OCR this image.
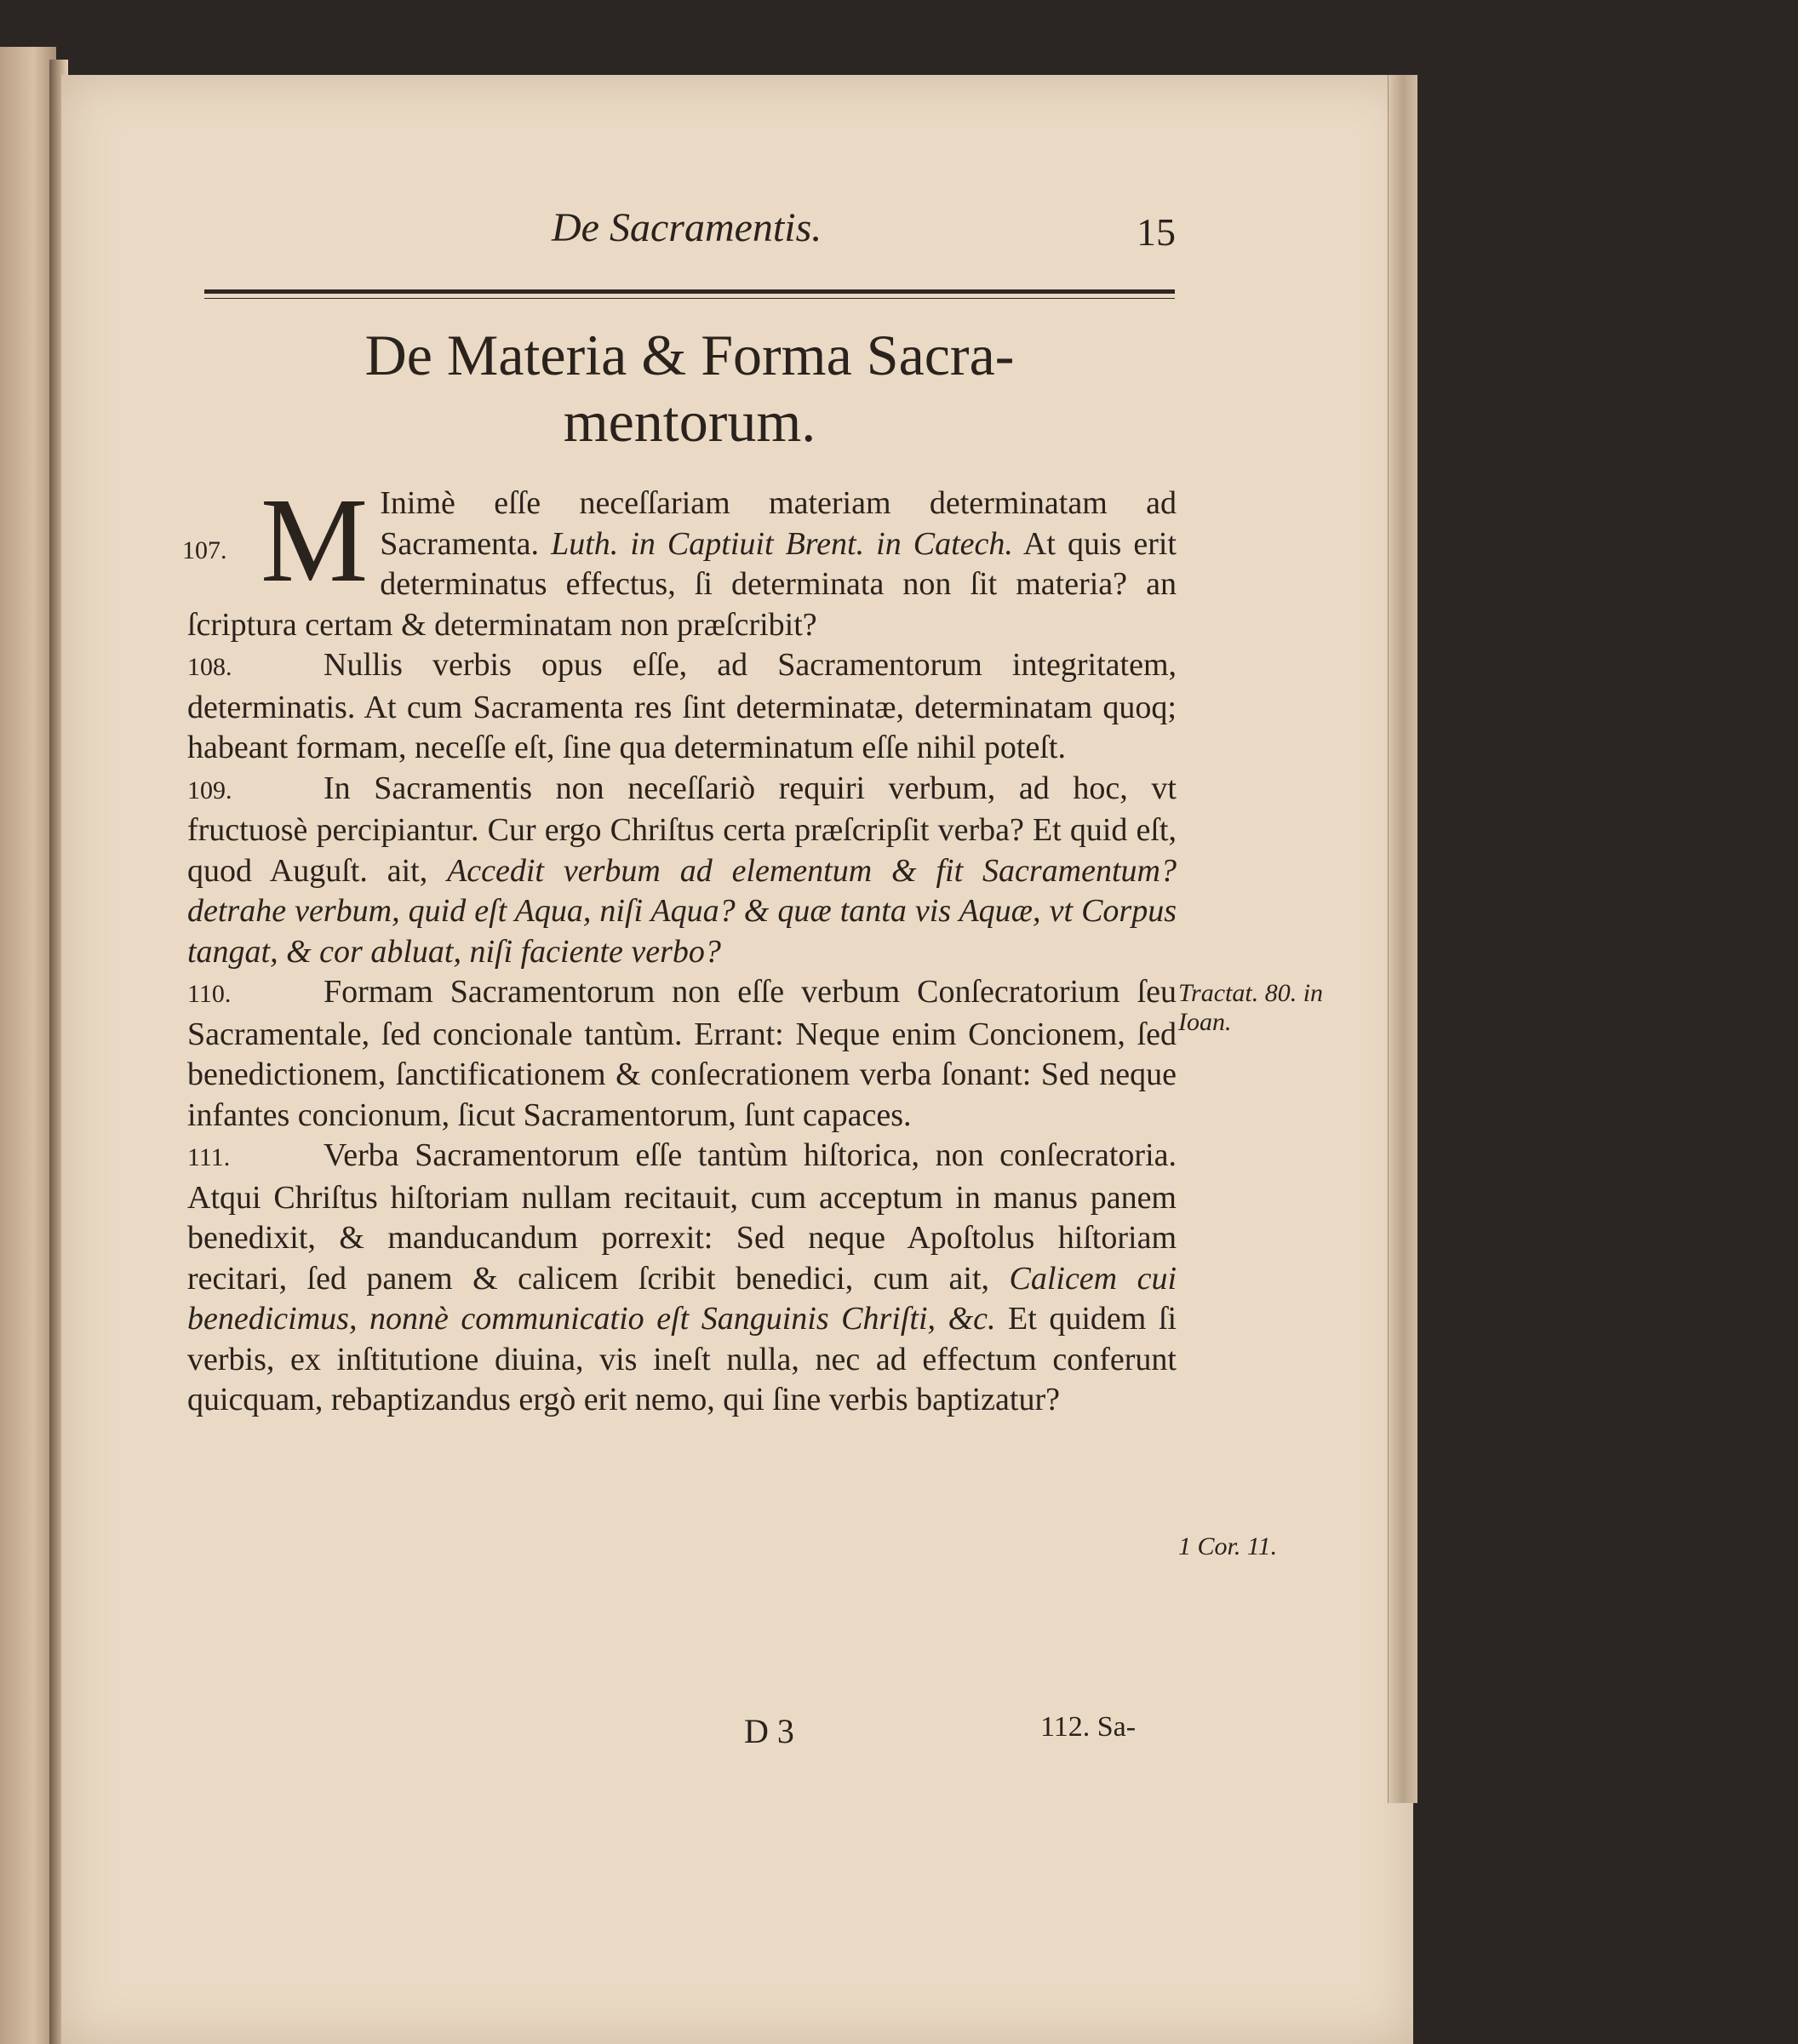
De Sacramentis.	15
De Materia & Forma Sacra-
mentorum.

107. M Inimè eſſe neceſſariam materiam determinatam ad Sacramenta. Luth. in Captiuit Brent. in Catech. At quis erit determinatus effectus, ſi determinata non ſit materia? an ſcriptura certam & determinatam non præſcribit?

108.	Nullis verbis opus eſſe, ad Sacramentorum integritatem, determinatis. At cum Sacramenta res ſint determinatæ, determinatam quoq; habeant formam, neceſſe eſt, ſine qua determinatum eſſe nihil poteſt.

109.	In Sacramentis non neceſſariò requiri verbum, ad hoc, vt fructuosè percipiantur. Cur ergo Chriſtus certa præſcripſit verba? Et quid eſt, quod Auguſt. ait, Accedit verbum ad elementum & fit Sacramentum? detrahe verbum, quid eſt Aqua, niſi Aqua? & quæ tanta vis Aquæ, vt Corpus tangat, & cor abluat, niſi faciente verbo?

110.	Formam Sacramentorum non eſſe verbum Conſecratorium ſeu Sacramentale, ſed concionale tantùm. Errant: Neque enim Concionem, ſed benedictionem, ſanctificationem & conſecrationem verba ſonant: Sed neque infantes concionum, ſicut Sacramentorum, ſunt capaces.

111.	Verba Sacramentorum eſſe tantùm hiſtorica, non conſecratoria. Atqui Chriſtus hiſtoriam nullam recitauit, cum acceptum in manus panem benedixit, & manducandum porrexit: Sed neque Apoſtolus hiſtoriam recitari, ſed panem & calicem ſcribit benedici, cum ait, Calicem cui benedicimus, nonnè communicatio eſt Sanguinis Chriſti, &c. Et quidem ſi verbis, ex inſtitutione diuina, vis ineſt nulla, nec ad effectum conferunt quicquam, rebaptizandus ergò erit nemo, qui ſine verbis baptizatur?

Tractat. 80. in
Ioan.
1 Cor. 11.
D 3	112. Sa-
